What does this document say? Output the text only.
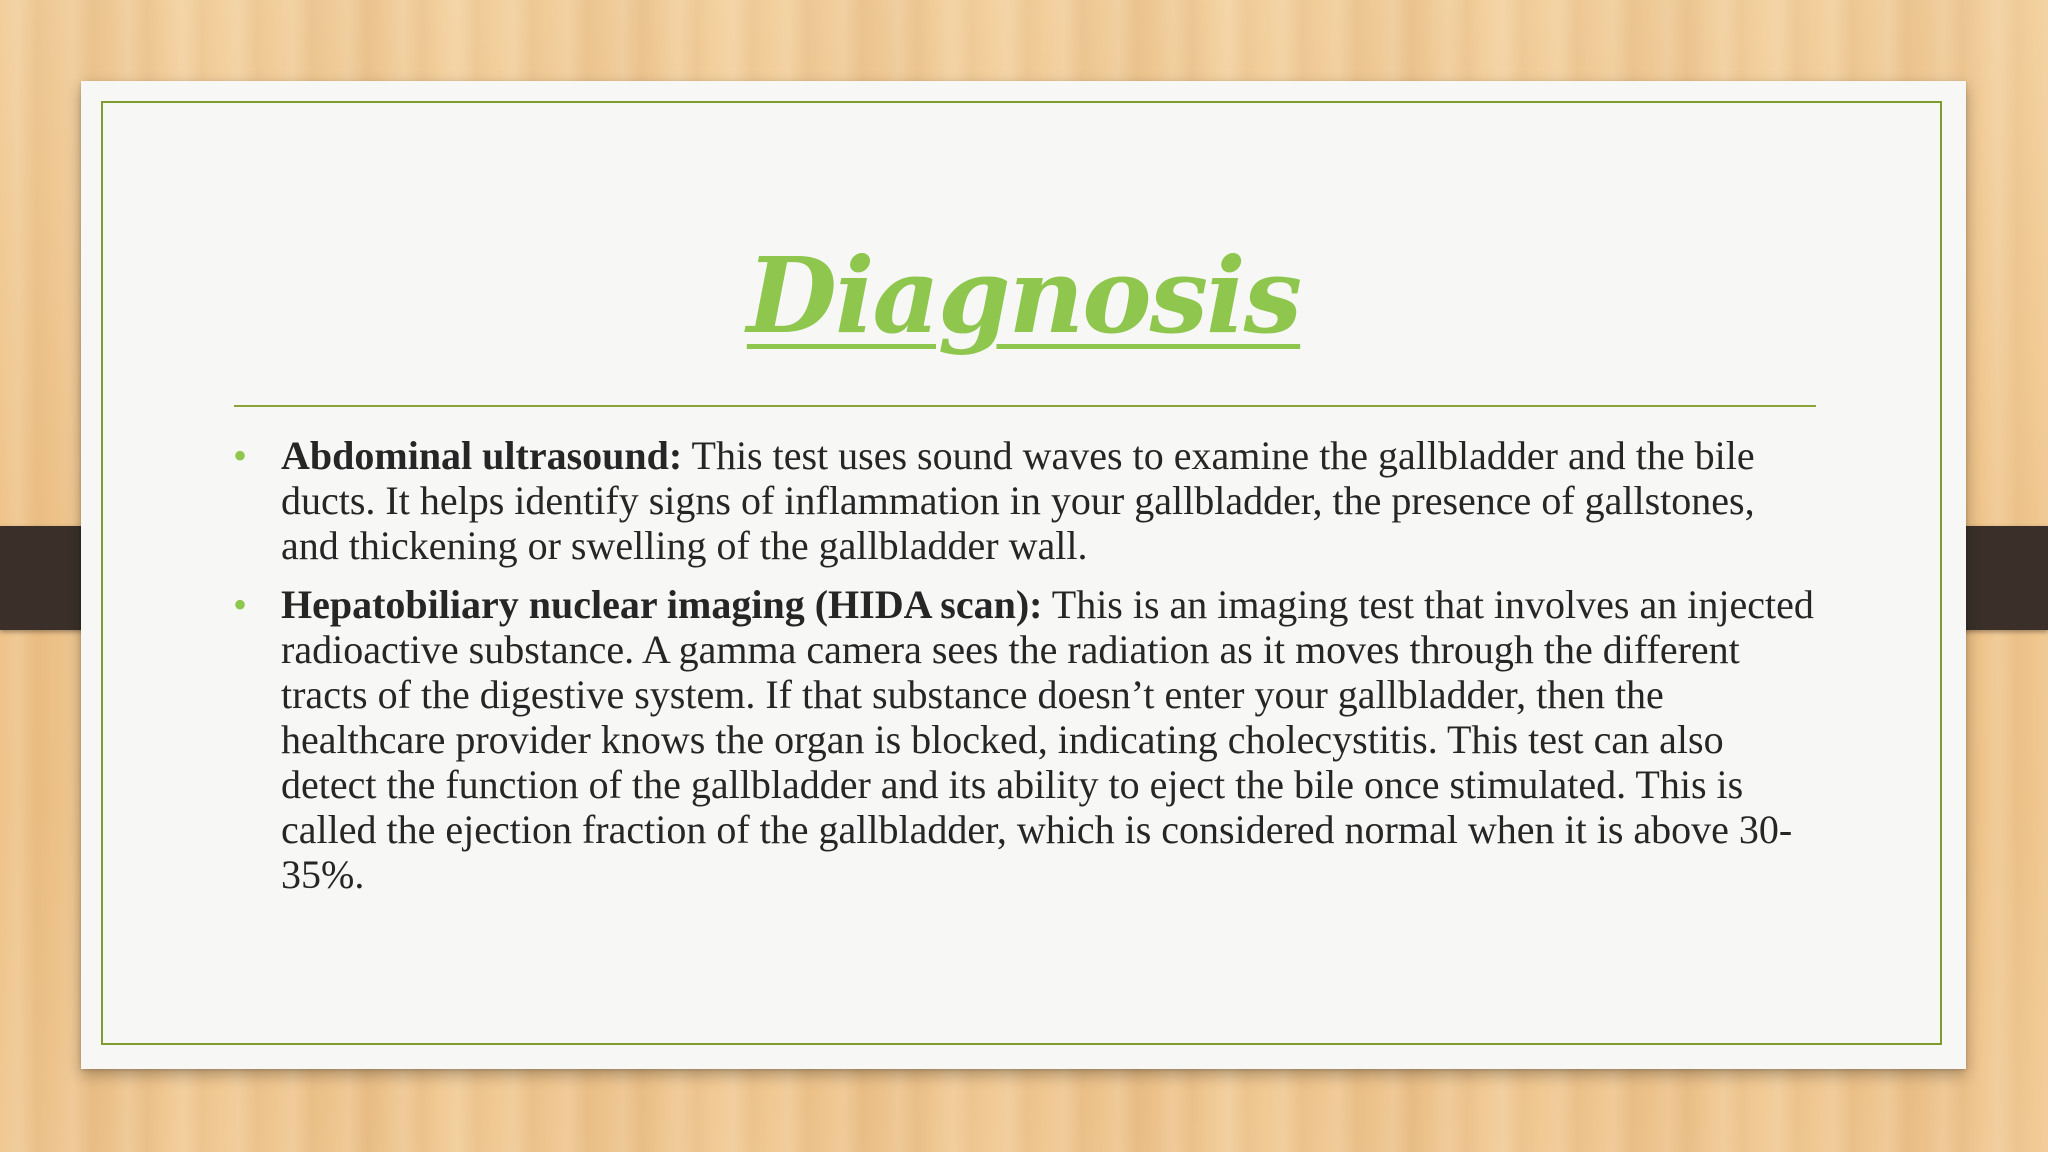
Diagnosis
• Abdominal ultrasound: This test uses sound waves to examine the gallbladder and the bile ducts. It helps identify signs of inflammation in your gallbladder, the presence of gallstones, and thickening or swelling of the gallbladder wall.
• Hepatobiliary nuclear imaging (HIDA scan): This is an imaging test that involves an injected radioactive substance. A gamma camera sees the radiation as it moves through the different tracts of the digestive system. If that substance doesn’t enter your gallbladder, then the healthcare provider knows the organ is blocked, indicating cholecystitis. This test can also detect the function of the gallbladder and its ability to eject the bile once stimulated. This is called the ejection fraction of the gallbladder, which is considered normal when it is above 30-35%.
